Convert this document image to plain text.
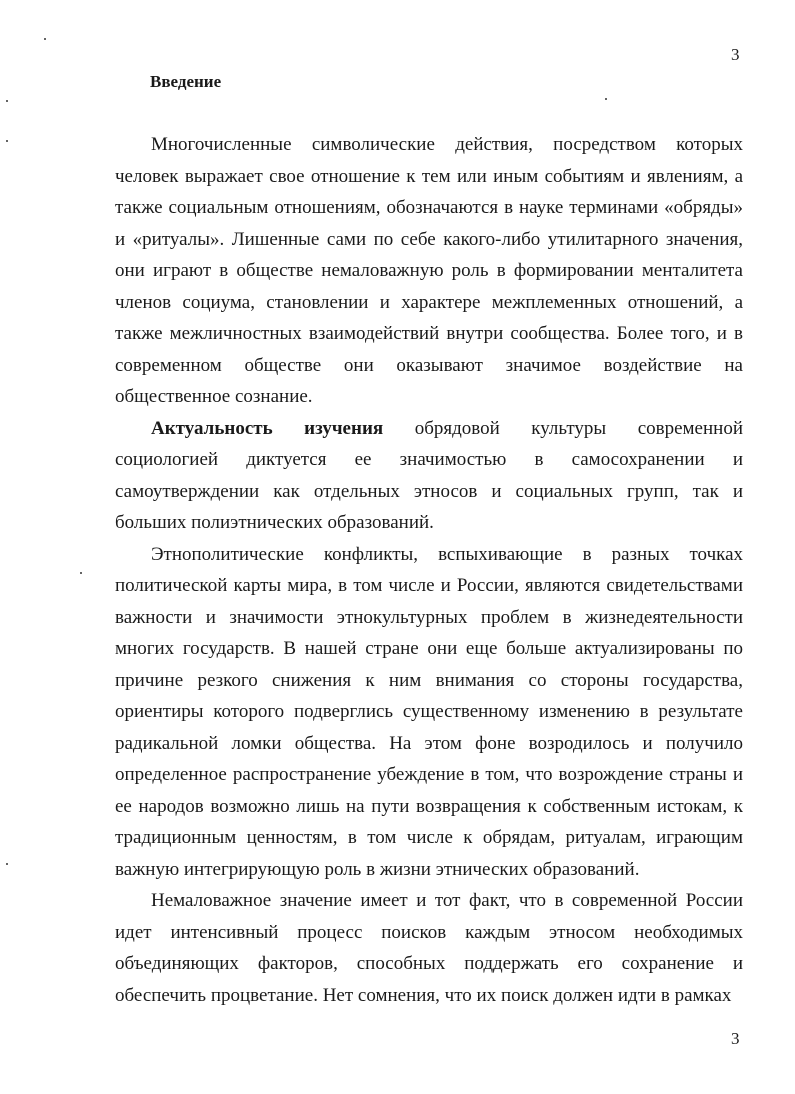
3
Введение

Многочисленные символические действия, посредством которых человек выражает свое отношение к тем или иным событиям и явлениям, а также социальным отношениям, обозначаются в науке терминами «обряды» и «ритуалы». Лишенные сами по себе какого-либо утилитарного значения, они играют в обществе немаловажную роль в формировании менталитета членов социума, становлении и характере межплеменных отношений, а также межличностных взаимодействий внутри сообщества. Более того, и в современном обществе они оказывают значимое воздействие на общественное сознание.

Актуальность изучения обрядовой культуры современной социологией диктуется ее значимостью в самосохранении и самоутверждении как отдельных этносов и социальных групп, так и больших полиэтнических образований.

Этнополитические конфликты, вспыхивающие в разных точках политической карты мира, в том числе и России, являются свидетельствами важности и значимости этнокультурных проблем в жизнедеятельности многих государств. В нашей стране они еще больше актуализированы по причине резкого снижения к ним внимания со стороны государства, ориентиры которого подверглись существенному изменению в результате радикальной ломки общества. На этом фоне возродилось и получило определенное распространение убеждение в том, что возрождение страны и ее народов возможно лишь на пути возвращения к собственным истокам, к традиционным ценностям, в том числе к обрядам, ритуалам, играющим важную интегрирующую роль в жизни этнических образований.

Немаловажное значение имеет и тот факт, что в современной России идет интенсивный процесс поисков каждым этносом необходимых объединяющих факторов, способных поддержать его сохранение и обеспечить процветание. Нет сомнения, что их поиск должен идти в рамках

3
